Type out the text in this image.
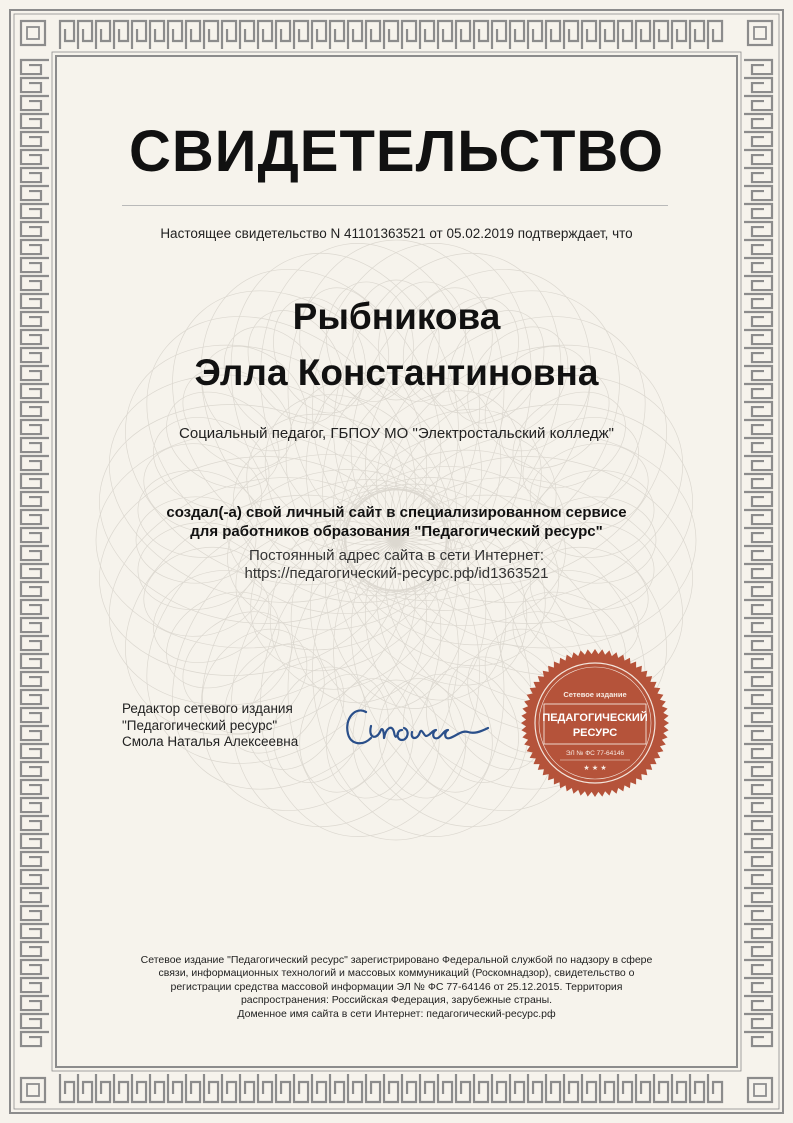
СВИДЕТЕЛЬСТВО
Настоящее свидетельство N 41101363521 от 05.02.2019 подтверждает, что
Рыбникова
Элла Константиновна
Социальный педагог, ГБПОУ МО "Электростальский колледж"
создал(-а) свой личный сайт в специализированном сервисе
для работников образования "Педагогический ресурс"
Постоянный адрес сайта в сети Интернет:
https://педагогический-ресурс.рф/id1363521
Редактор сетевого издания
"Педагогический ресурс"
Смола Наталья Алексеевна
Сетевое издание
ПЕДАГОГИЧЕСКИЙ
РЕСУРС
ЭЛ № ФС 77-64146
★ ★ ★
Сетевое издание "Педагогический ресурс" зарегистрировано Федеральной службой по надзору в сфере
связи, информационных технологий и массовых коммуникаций (Роскомнадзор), свидетельство о
регистрации средства массовой информации ЭЛ № ФС 77-64146 от 25.12.2015. Территория
распространения: Российская Федерация, зарубежные страны.
Доменное имя сайта в сети Интернет: педагогический-ресурс.рф
